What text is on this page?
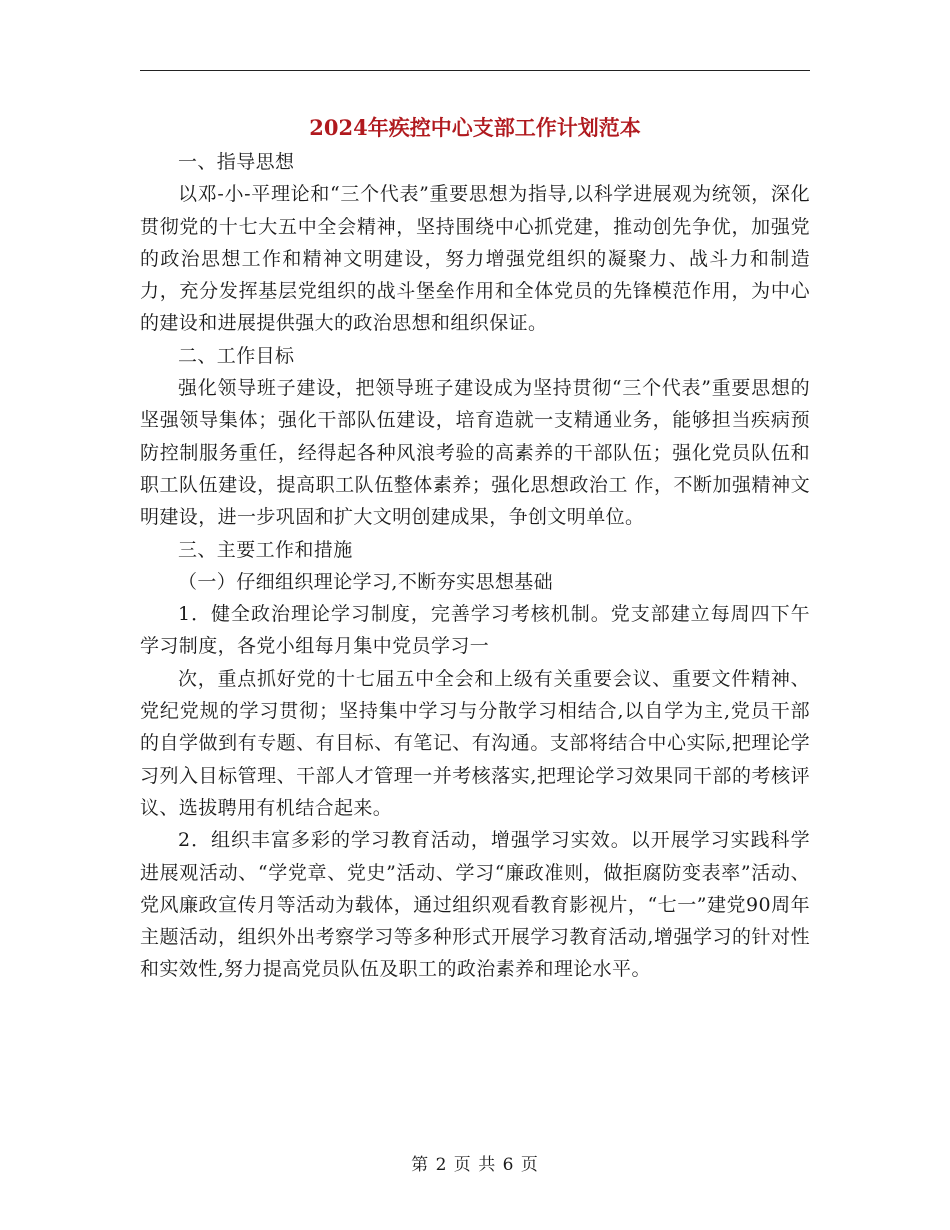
2024年疾控中心支部工作计划范本

一、指导思想

以邓-小-平理论和“三个代表”重要思想为指导,以科学进展观为统领，深化贯彻党的十七大五中全会精神，坚持围绕中心抓党建，推动创先争优，加强党的政治思想工作和精神文明建设，努力增强党组织的凝聚力、战斗力和制造力，充分发挥基层党组织的战斗堡垒作用和全体党员的先锋模范作用，为中心的建设和进展提供强大的政治思想和组织保证。

二、工作目标

强化领导班子建设，把领导班子建设成为坚持贯彻“三个代表”重要思想的坚强领导集体；强化干部队伍建设，培育造就一支精通业务，能够担当疾病预防控制服务重任，经得起各种风浪考验的高素养的干部队伍；强化党员队伍和职工队伍建设，提高职工队伍整体素养；强化思想政治工 作，不断加强精神文明建设，进一步巩固和扩大文明创建成果，争创文明单位。

三、主要工作和措施

（一）仔细组织理论学习,不断夯实思想基础

1．健全政治理论学习制度，完善学习考核机制。党支部建立每周四下午学习制度，各党小组每月集中党员学习一

次，重点抓好党的十七届五中全会和上级有关重要会议、重要文件精神、党纪党规的学习贯彻；坚持集中学习与分散学习相结合,以自学为主,党员干部的自学做到有专题、有目标、有笔记、有沟通。支部将结合中心实际,把理论学习列入目标管理、干部人才管理一并考核落实,把理论学习效果同干部的考核评议、选拔聘用有机结合起来。

2．组织丰富多彩的学习教育活动，增强学习实效。以开展学习实践科学进展观活动、“学党章、党史”活动、学习“廉政准则，做拒腐防变表率”活动、党风廉政宣传月等活动为载体，通过组织观看教育影视片，“七一”建党90周年主题活动，组织外出考察学习等多种形式开展学习教育活动,增强学习的针对性和实效性,努力提高党员队伍及职工的政治素养和理论水平。

第 2 页 共 6 页
